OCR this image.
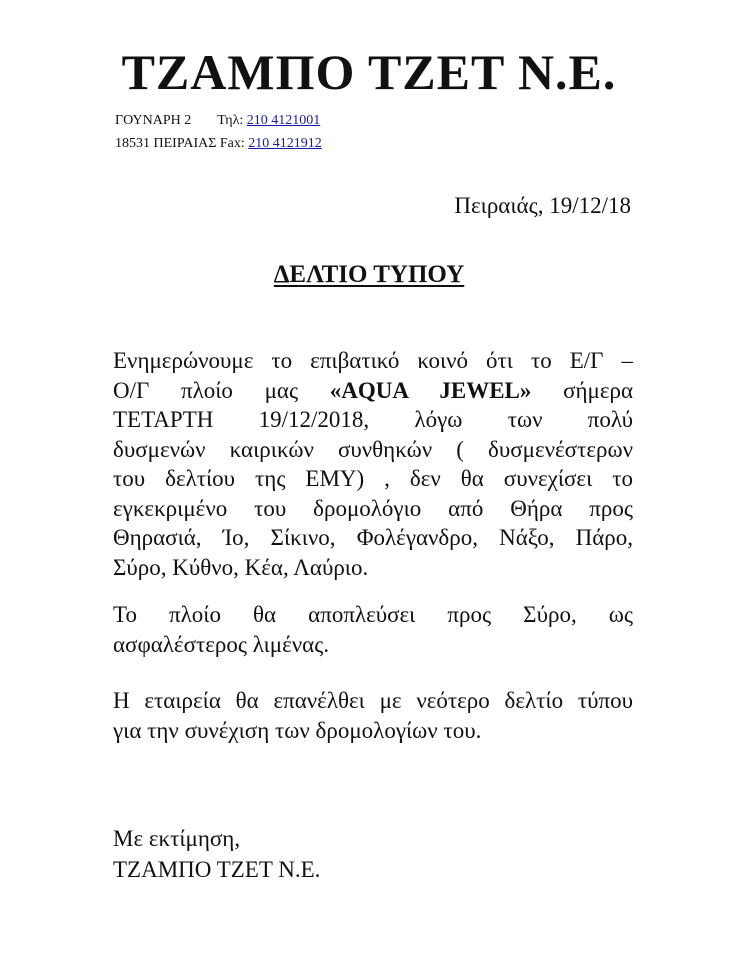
ΤΖΑΜΠΟ ΤΖΕΤ Ν.Ε.
ΓΟΥΝΑΡΗ 2 Τηλ: 210 4121001
18531 ΠΕΙΡΑΙΑΣ Fax: 210 4121912
Πειραιάς, 19/12/18
ΔΕΛΤΙΟ ΤΥΠΟΥ
Ενημερώνουμε το επιβατικό κοινό ότι το Ε/Γ –
Ο/Γ πλοίο μας «AQUA JEWEL» σήμερα
ΤΕΤΑΡΤΗ 19/12/2018, λόγω των πολύ
δυσμενών καιρικών συνθηκών ( δυσμενέστερων
του δελτίου της ΕΜΥ) , δεν θα συνεχίσει το
εγκεκριμένο του δρομολόγιο από Θήρα προς
Θηρασιά, Ίο, Σίκινο, Φολέγανδρο, Νάξο, Πάρο,
Σύρο, Κύθνο, Κέα, Λαύριο.
Το πλοίο θα αποπλεύσει προς Σύρο, ως
ασφαλέστερος λιμένας.
Η εταιρεία θα επανέλθει με νεότερο δελτίο τύπου
για την συνέχιση των δρομολογίων του.
Με εκτίμηση,
ΤΖΑΜΠΟ ΤΖΕΤ Ν.Ε.
